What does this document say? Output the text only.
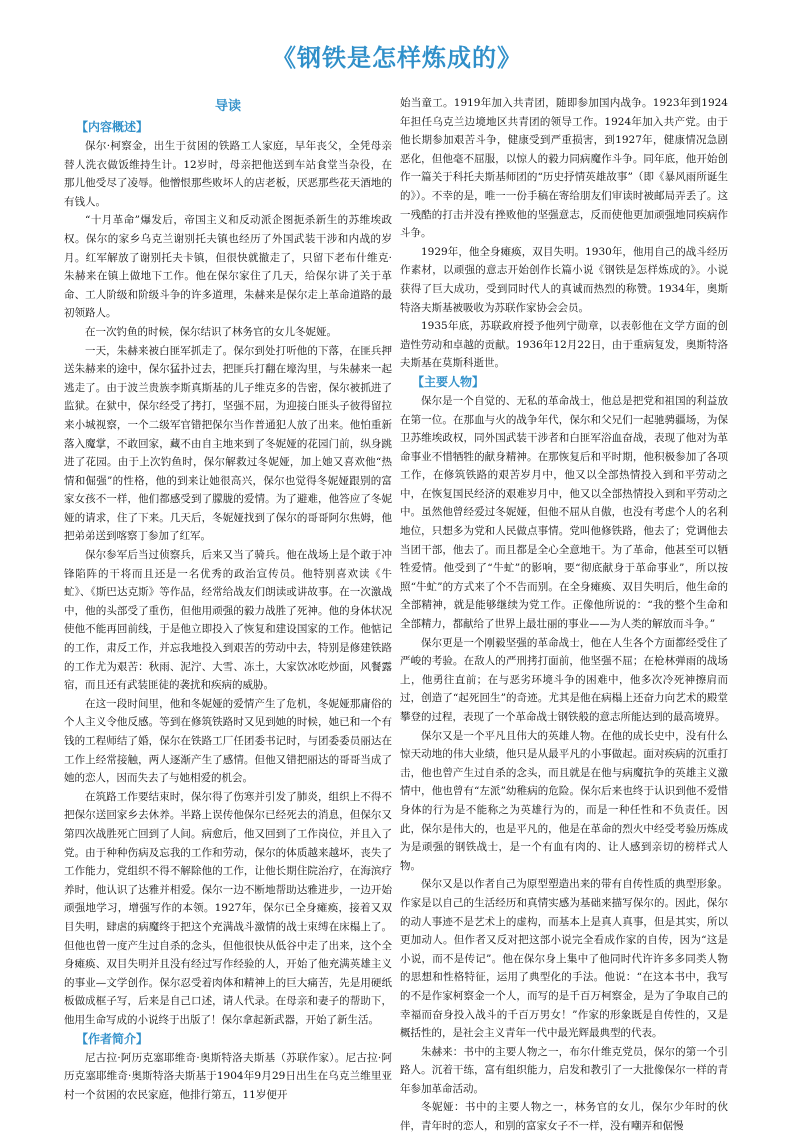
《钢铁是怎样炼成的》
导读
【内容概述】

保尔·柯察金，出生于贫困的铁路工人家庭，早年丧父，全凭母亲替人洗衣做饭维持生计。12岁时，母亲把他送到车站食堂当杂役，在那儿他受尽了凌辱。他憎恨那些败坏人的店老板，厌恶那些花天酒地的有钱人。

“十月革命”爆发后，帝国主义和反动派企图扼杀新生的苏维埃政权。保尔的家乡乌克兰谢别托夫镇也经历了外国武装干涉和内战的岁月。红军解放了谢别托夫卡镇，但很快就撤走了，只留下老布什维克·朱赫来在镇上做地下工作。他在保尔家住了几天，给保尔讲了关于革命、工人阶级和阶级斗争的许多道理，朱赫来是保尔走上革命道路的最初领路人。

在一次钓鱼的时候，保尔结识了林务官的女儿冬妮娅。

一天，朱赫来被白匪军抓走了。保尔到处打听他的下落，在匪兵押送朱赫来的途中，保尔猛扑过去，把匪兵打翻在壕沟里，与朱赫来一起逃走了。由于波兰贵族李斯真斯基的儿子维克多的告密，保尔被抓进了监狱。在狱中，保尔经受了拷打，坚强不屈，为迎接白匪头子彼得留拉来小城视察，一个二级军官错把保尔当作普通犯人放了出来。他怕重新落入魔掌，不敢回家，藏不由自主地来到了冬妮娅的花园门前，纵身跳进了花园。由于上次钓鱼时，保尔解救过冬妮娅，加上她又喜欢他“热情和倔强”的性格，他的到来让她很高兴，保尔也觉得冬妮娅跟别的富家女孩不一样，他们都感受到了朦胧的爱情。为了避难，他答应了冬妮娅的请求，住了下来。几天后，冬妮娅找到了保尔的哥哥阿尔焦姆，他把弟弟送到喀察丁参加了红军。

保尔参军后当过侦察兵，后来又当了骑兵。他在战场上是个敢于冲锋陷阵的干将而且还是一名优秀的政治宣传员。他特别喜欢读《牛虻》、《斯巴达克斯》等作品，经常给战友们朗读或讲故事。在一次激战中，他的头部受了重伤，但他用顽强的毅力战胜了死神。他的身体状况使他不能再回前线，于是他立即投入了恢复和建设国家的工作。他惦记的工作，肃反工作，并忘我地投入到艰苦的劳动中去，特别是修建铁路的工作尤为艰苦：秋雨、泥泞、大雪、冻土，大家饮冰吃炒面，风餐露宿，而且还有武装匪徒的袭扰和疾病的威胁。

在这一段时间里，他和冬妮娅的爱情产生了危机，冬妮娅那庸俗的个人主义令他反感。等到在修筑铁路时又见到她的时候，她已和一个有钱的工程师结了婚，保尔在铁路工厂任团委书记时，与团委委员丽达在工作上经常接触，两人逐渐产生了感情。但他又错把丽达的哥哥当成了她的恋人，因而失去了与她相爱的机会。

在筑路工作要结束时，保尔得了伤寒并引发了肺炎，组织上不得不把保尔送回家乡去休养。半路上误传他保尔已经死去的消息，但保尔又第四次战胜死亡回到了人间。病愈后，他又回到了工作岗位，并且入了党。由于种种伤病及忘我的工作和劳动，保尔的体质越来越坏，丧失了工作能力，党组织不得不解除他的工作，让他长期住院治疗，在海滨疗养时，他认识了达雅并相爱。保尔一边不断地帮助达雅进步，一边开始顽强地学习，增强写作的本领。1927年，保尔已全身瘫痪，接着又双目失明，肆虐的病魔终于把这个充满战斗激情的战士束缚在床榻上了。但他也曾一度产生过自杀的念头，但他很快从低谷中走了出来，这个全身瘫痪、双目失明并且没有经过写作经验的人，开始了他充满英雄主义的事业—文学创作。保尔忍受着肉体和精神上的巨大痛苦，先是用硬纸板做成框子写，后来是自己口述，请人代录。在母亲和妻子的帮助下，他用生命写成的小说终于出版了！保尔拿起新武器，开始了新生活。

【作者简介】

尼古拉·阿历克塞耶维奇·奥斯特洛夫斯基（苏联作家）。尼古拉·阿历克塞耶维奇·奥斯特洛夫斯基于1904年9月29日出生在乌克兰维里亚村一个贫困的农民家庭，他排行第五，11岁便开

始当童工。1919年加入共青团，随即参加国内战争。1923年到1924年担任乌克兰边境地区共青团的领导工作。1924年加入共产党。由于他长期参加艰苦斗争，健康受到严重损害，到1927年，健康情况急剧恶化，但他毫不屈服，以惊人的毅力同病魔作斗争。同年底，他开始创作一篇关于科托夫斯基师团的“历史抒情英雄故事”（即《暴风雨所诞生的》）。不幸的是，唯一一份手稿在寄给朋友们审读时被邮局弄丢了。这一残酷的打击并没有挫败他的坚强意志，反而使他更加顽强地同疾病作斗争。

1929年，他全身瘫痪，双目失明。1930年，他用自己的战斗经历作素材，以顽强的意志开始创作长篇小说《钢铁是怎样炼成的》。小说获得了巨大成功，受到同时代人的真诚而热烈的称赞。1934年，奥斯特洛夫斯基被吸收为苏联作家协会会员。

1935年底，苏联政府授予他列宁勋章，以表彰他在文学方面的创造性劳动和卓越的贡献。1936年12月22日，由于重病复发，奥斯特洛夫斯基在莫斯科逝世。

【主要人物】

保尔是一个自觉的、无私的革命战士，他总是把党和祖国的利益放在第一位。在那血与火的战争年代，保尔和父兄们一起驰骋疆场，为保卫苏维埃政权，同外国武装干涉者和白匪军浴血奋战，表现了他对为革命事业不惜牺牲的献身精神。在那恢复后和平时期，他积极参加了各项工作，在修筑铁路的艰苦岁月中，他又以全部热情投入到和平劳动之中，在恢复国民经济的艰难岁月中，他又以全部热情投入到和平劳动之中。虽然他曾经爱过冬妮娅，但他不屈从自傲，也没有考虑个人的名利地位，只想多为党和人民做点事情。党叫他修铁路，他去了；党调他去当团干部，他去了。而且都是全心全意地干。为了革命，他甚至可以牺牲爱情。他受到了“牛虻”的影响，要“彻底献身于革命事业”，所以按照“牛虻”的方式来了个不告而别。在全身瘫痪、双目失明后，他生命的全部精神，就是能够继续为党工作。正像他所说的：“我的整个生命和全部精力，都献给了世界上最壮丽的事业——为人类的解放而斗争。”

保尔更是一个刚毅坚强的革命战士，他在人生各个方面都经受住了严峻的考验。在敌人的严刑拷打面前，他坚强不屈；在枪林弹雨的战场上，他勇往直前；在与恶劣环境斗争的困难中，他多次冷死神擦肩而过，创造了“起死回生”的奇迹。尤其是他在病榻上还奋力向艺术的殿堂攀登的过程，表现了一个革命战士钢铁般的意志所能达到的最高境界。

保尔又是一个平凡且伟大的英雄人物。在他的成长史中，没有什么惊天动地的伟大业绩，他只是从最平凡的小事做起。面对疾病的沉重打击，他也曾产生过自杀的念头，而且就是在他与病魔抗争的英雄主义激情中，他也曾有“左派”幼稚病的危险。保尔后来也终于认识到他不爱惜身体的行为是不能称之为英雄行为的，而是一种任性和不负责任。因此，保尔是伟大的，也是平凡的，他是在革命的烈火中经受考验历炼成为是顽强的钢铁战士，是一个有血有肉的、让人感到亲切的榜样式人物。

保尔又是以作者自己为原型塑造出来的带有自传性质的典型形象。作家是以自己的生活经历和真情实感为基础来描写保尔的。因此，保尔的动人事迹不是艺术上的虚构，而基本上是真人真事，但是其实，所以更加动人。但作者又反对把这部小说完全看成作家的自传，因为“这是小说，而不是传记”。他在保尔身上集中了他同时代许许多多同类人物的思想和性格特征，运用了典型化的手法。他说：“在这本书中，我写的不是作家柯察金一个人，而写的是千百万柯察金，是为了争取自己的幸福而奋身投入战斗的千百万男女！”作家的形象既是自传性的，又是概括性的，是社会主义青年一代中最光辉最典型的代表。

朱赫来：书中的主要人物之一，布尔什维克党员，保尔的第一个引路人。沉着干练，富有组织能力，启发和教引了一大批像保尔一样的青年参加革命活动。

冬妮娅：书中的主要人物之一，林务官的女儿，保尔少年时的伙伴，青年时的恋人，和别的富家女子不一样，没有嘲弄和倨慢
